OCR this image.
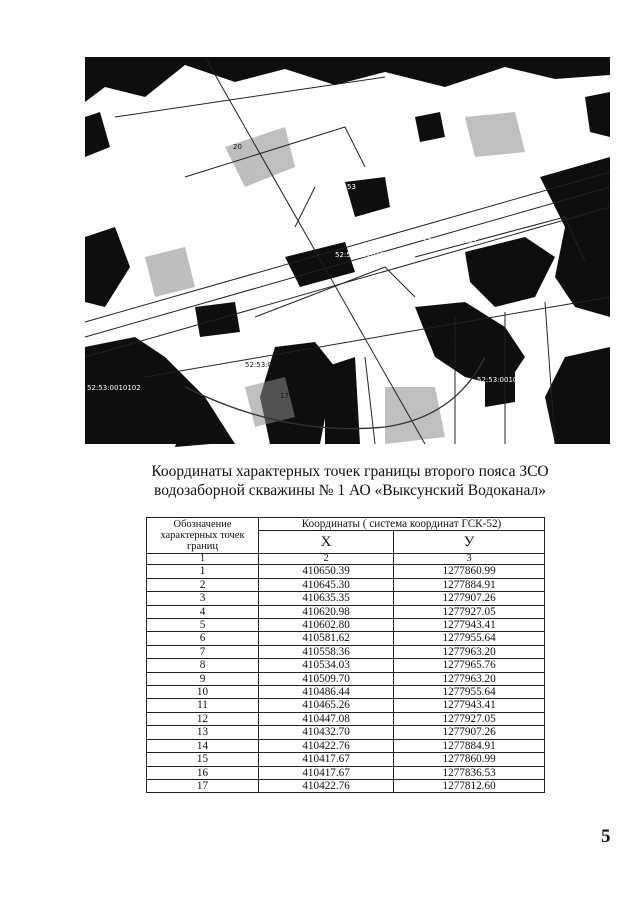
20
53
52:53:0010103
8
14
17
16
52:53:0010104
52:53:0010102
52:53:0010105
52:53:0010106
52:53:0010107
Координаты характерных точек границы второго пояса ЗСО
водозаборной скважины № 1 АО «Выксунский Водоканал»
Обозначение характерных точек границ	Координаты ( система координат ГСК-52)	
	X	У
1	2	3
1	410650.39	1277860.99
2	410645.30	1277884.91
3	410635.35	1277907.26
4	410620.98	1277927.05
5	410602.80	1277943.41
6	410581.62	1277955.64
7	410558.36	1277963.20
8	410534.03	1277965.76
9	410509.70	1277963.20
10	410486.44	1277955.64
11	410465.26	1277943.41
12	410447.08	1277927.05
13	410432.70	1277907.26
14	410422.76	1277884.91
15	410417.67	1277860.99
16	410417.67	1277836.53
17	410422.76	1277812.60
5
